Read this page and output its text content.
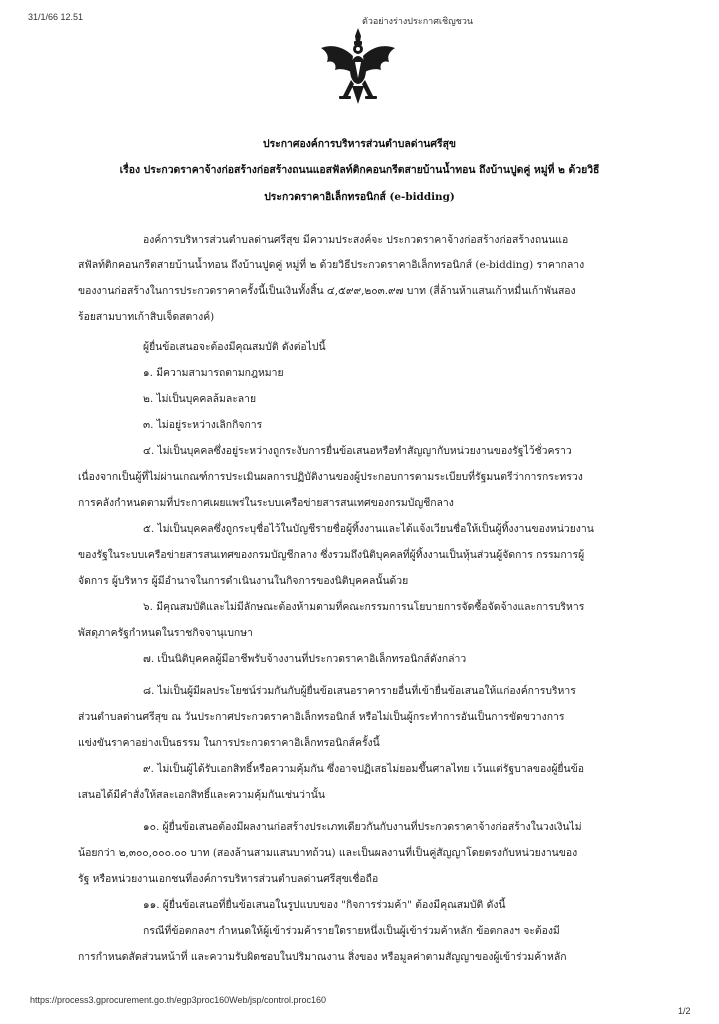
31/1/66 12.51	ตัวอย่างร่างประกาศเชิญชวน
ประกาศองค์การบริหารส่วนตำบลด่านศรีสุข
เรื่อง ประกวดราคาจ้างก่อสร้างก่อสร้างถนนแอสฟัลท์ติกคอนกรีตสายบ้านน้ำทอน ถึงบ้านปูดคู่ หมู่ที่ ๒ ด้วยวิธี
ประกวดราคาอิเล็กทรอนิกส์ (e-bidding)
องค์การบริหารส่วนตำบลด่านศรีสุข มีความประสงค์จะ ประกวดราคาจ้างก่อสร้างก่อสร้างถนนแอ
สฟัลท์ติกคอนกรีตสายบ้านน้ำทอน ถึงบ้านปูดคู่ หมู่ที่ ๒ ด้วยวิธีประกวดราคาอิเล็กทรอนิกส์ (e-bidding) ราคากลาง
ของงานก่อสร้างในการประกวดราคาครั้งนี้เป็นเงินทั้งสิ้น ๔,๕๙๙,๒๐๓.๙๗ บาท (สี่ล้านห้าแสนเก้าหมื่นเก้าพันสอง
ร้อยสามบาทเก้าสิบเจ็ดสตางค์)
ผู้ยื่นข้อเสนอจะต้องมีคุณสมบัติ ดังต่อไปนี้
๑. มีความสามารถตามกฎหมาย
๒. ไม่เป็นบุคคลล้มละลาย
๓. ไม่อยู่ระหว่างเลิกกิจการ
๔. ไม่เป็นบุคคลซึ่งอยู่ระหว่างถูกระงับการยื่นข้อเสนอหรือทำสัญญากับหน่วยงานของรัฐไว้ชั่วคราว
เนื่องจากเป็นผู้ที่ไม่ผ่านเกณฑ์การประเมินผลการปฏิบัติงานของผู้ประกอบการตามระเบียบที่รัฐมนตรีว่าการกระทรวง
การคลังกำหนดตามที่ประกาศเผยแพร่ในระบบเครือข่ายสารสนเทศของกรมบัญชีกลาง
๕. ไม่เป็นบุคคลซึ่งถูกระบุชื่อไว้ในบัญชีรายชื่อผู้ทิ้งงานและได้แจ้งเวียนชื่อให้เป็นผู้ทิ้งงานของหน่วยงาน
ของรัฐในระบบเครือข่ายสารสนเทศของกรมบัญชีกลาง ซึ่งรวมถึงนิติบุคคลที่ผู้ทิ้งงานเป็นหุ้นส่วนผู้จัดการ กรรมการผู้
จัดการ ผู้บริหาร ผู้มีอำนาจในการดำเนินงานในกิจการของนิติบุคคลนั้นด้วย
๖. มีคุณสมบัติและไม่มีลักษณะต้องห้ามตามที่คณะกรรมการนโยบายการจัดซื้อจัดจ้างและการบริหาร
พัสดุภาครัฐกำหนดในราชกิจจานุเบกษา
๗. เป็นนิติบุคคลผู้มีอาชีพรับจ้างงานที่ประกวดราคาอิเล็กทรอนิกส์ดังกล่าว
๘. ไม่เป็นผู้มีผลประโยชน์ร่วมกันกับผู้ยื่นข้อเสนอราคารายอื่นที่เข้ายื่นข้อเสนอให้แก่องค์การบริหาร
ส่วนตำบลด่านศรีสุข ณ วันประกาศประกวดราคาอิเล็กทรอนิกส์ หรือไม่เป็นผู้กระทำการอันเป็นการขัดขวางการ
แข่งขันราคาอย่างเป็นธรรม ในการประกวดราคาอิเล็กทรอนิกส์ครั้งนี้
๙. ไม่เป็นผู้ได้รับเอกสิทธิ์หรือความคุ้มกัน ซึ่งอาจปฏิเสธไม่ยอมขึ้นศาลไทย เว้นแต่รัฐบาลของผู้ยื่นข้อ
เสนอได้มีคำสั่งให้สละเอกสิทธิ์และความคุ้มกันเช่นว่านั้น
๑๐. ผู้ยื่นข้อเสนอต้องมีผลงานก่อสร้างประเภทเดียวกันกับงานที่ประกวดราคาจ้างก่อสร้างในวงเงินไม่
น้อยกว่า ๒,๓๐๐,๐๐๐.๐๐ บาท (สองล้านสามแสนบาทถ้วน) และเป็นผลงานที่เป็นคู่สัญญาโดยตรงกับหน่วยงานของ
รัฐ หรือหน่วยงานเอกชนที่องค์การบริหารส่วนตำบลด่านศรีสุขเชื่อถือ
๑๑. ผู้ยื่นข้อเสนอที่ยื่นข้อเสนอในรูปแบบของ "กิจการร่วมค้า" ต้องมีคุณสมบัติ ดังนี้
กรณีที่ข้อตกลงฯ กำหนดให้ผู้เข้าร่วมค้ารายใดรายหนึ่งเป็นผู้เข้าร่วมค้าหลัก ข้อตกลงฯ จะต้องมี
การกำหนดสัดส่วนหน้าที่ และความรับผิดชอบในปริมาณงาน สิ่งของ หรือมูลค่าตามสัญญาของผู้เข้าร่วมค้าหลัก
https://process3.gprocurement.go.th/egp3proc160Web/jsp/control.proc160
1/2
